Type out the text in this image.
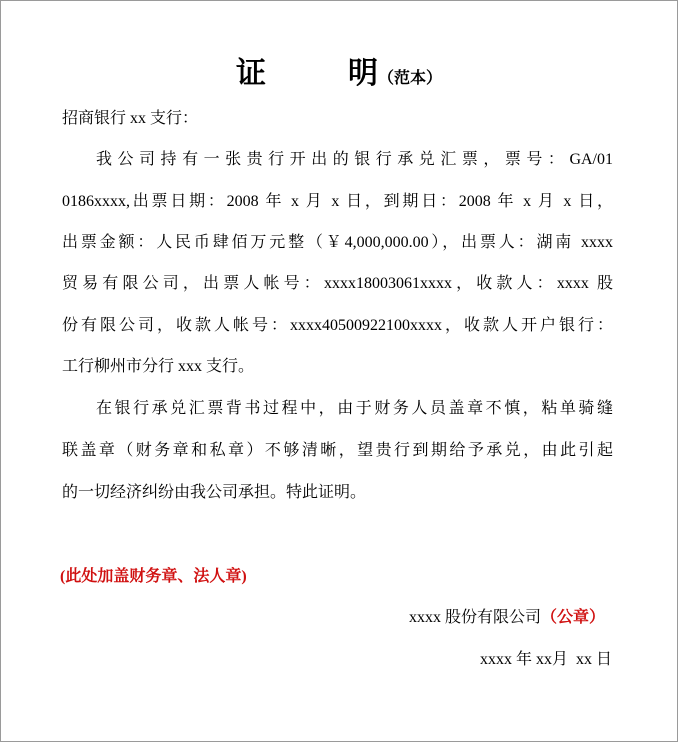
证	明（范本）
招商银行 xx 支行：
我公司持有一张贵行开出的银行承兑汇票，票号：GA/01
0186xxxx,出票日期：2008 年 x 月 x 日，到期日：2008 年 x 月 x 日，
出票金额：人民币肆佰万元整（￥4,000,000.00），出票人：湖南 xxxx
贸易有限公司，出票人帐号：xxxx18003061xxxx，收款人：xxxx 股
份有限公司，收款人帐号：xxxx40500922100xxxx，收款人开户银行：
工行柳州市分行 xxx 支行。
在银行承兑汇票背书过程中，由于财务人员盖章不慎，粘单骑缝
联盖章（财务章和私章）不够清晰，望贵行到期给予承兑，由此引起
的一切经济纠纷由我公司承担。特此证明。
(此处加盖财务章、法人章)
xxxx 股份有限公司（公章）
xxxx 年 xx月  xx 日
